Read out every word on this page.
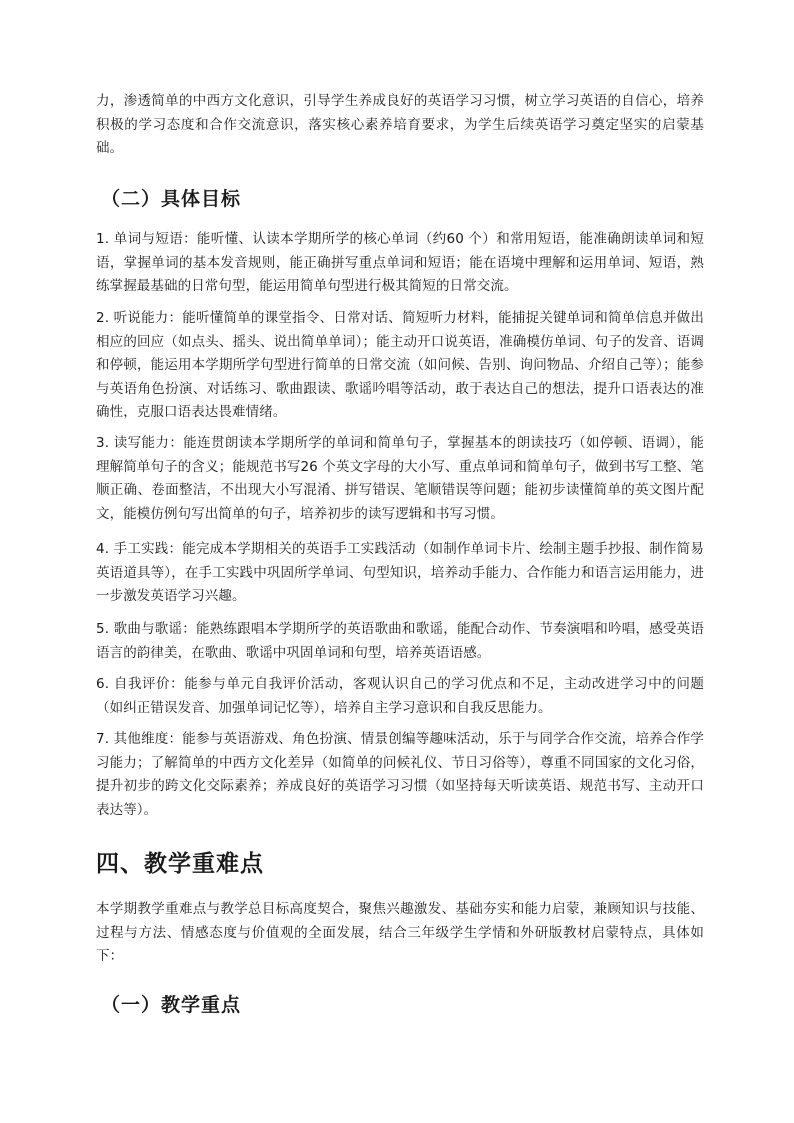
力，渗透简单的中西方文化意识，引导学生养成良好的英语学习习惯，树立学习英语的自信心，培养积极的学习态度和合作交流意识，落实核心素养培育要求，为学生后续英语学习奠定坚实的启蒙基础。

（二）具体目标

1. 单词与短语：能听懂、认读本学期所学的核心单词（约60 个）和常用短语，能准确朗读单词和短语，掌握单词的基本发音规则，能正确拼写重点单词和短语；能在语境中理解和运用单词、短语，熟练掌握最基础的日常句型，能运用简单句型进行极其简短的日常交流。

2. 听说能力：能听懂简单的课堂指令、日常对话、简短听力材料，能捕捉关键单词和简单信息并做出相应的回应（如点头、摇头、说出简单单词）；能主动开口说英语，准确模仿单词、句子的发音、语调和停顿，能运用本学期所学句型进行简单的日常交流（如问候、告别、询问物品、介绍自己等）；能参与英语角色扮演、对话练习、歌曲跟读、歌谣吟唱等活动，敢于表达自己的想法，提升口语表达的准确性，克服口语表达畏难情绪。

3. 读写能力：能连贯朗读本学期所学的单词和简单句子，掌握基本的朗读技巧（如停顿、语调），能理解简单句子的含义；能规范书写26 个英文字母的大小写、重点单词和简单句子，做到书写工整、笔顺正确、卷面整洁，不出现大小写混淆、拼写错误、笔顺错误等问题；能初步读懂简单的英文图片配文，能模仿例句写出简单的句子，培养初步的读写逻辑和书写习惯。

4. 手工实践：能完成本学期相关的英语手工实践活动（如制作单词卡片、绘制主题手抄报、制作简易英语道具等），在手工实践中巩固所学单词、句型知识，培养动手能力、合作能力和语言运用能力，进一步激发英语学习兴趣。

5. 歌曲与歌谣：能熟练跟唱本学期所学的英语歌曲和歌谣，能配合动作、节奏演唱和吟唱，感受英语语言的韵律美，在歌曲、歌谣中巩固单词和句型，培养英语语感。

6. 自我评价：能参与单元自我评价活动，客观认识自己的学习优点和不足，主动改进学习中的问题（如纠正错误发音、加强单词记忆等），培养自主学习意识和自我反思能力。

7. 其他维度：能参与英语游戏、角色扮演、情景创编等趣味活动，乐于与同学合作交流，培养合作学习能力；了解简单的中西方文化差异（如简单的问候礼仪、节日习俗等），尊重不同国家的文化习俗，提升初步的跨文化交际素养；养成良好的英语学习习惯（如坚持每天听读英语、规范书写、主动开口表达等）。

四、教学重难点

本学期教学重难点与教学总目标高度契合，聚焦兴趣激发、基础夯实和能力启蒙，兼顾知识与技能、过程与方法、情感态度与价值观的全面发展，结合三年级学生学情和外研版教材启蒙特点，具体如下：

（一）教学重点
